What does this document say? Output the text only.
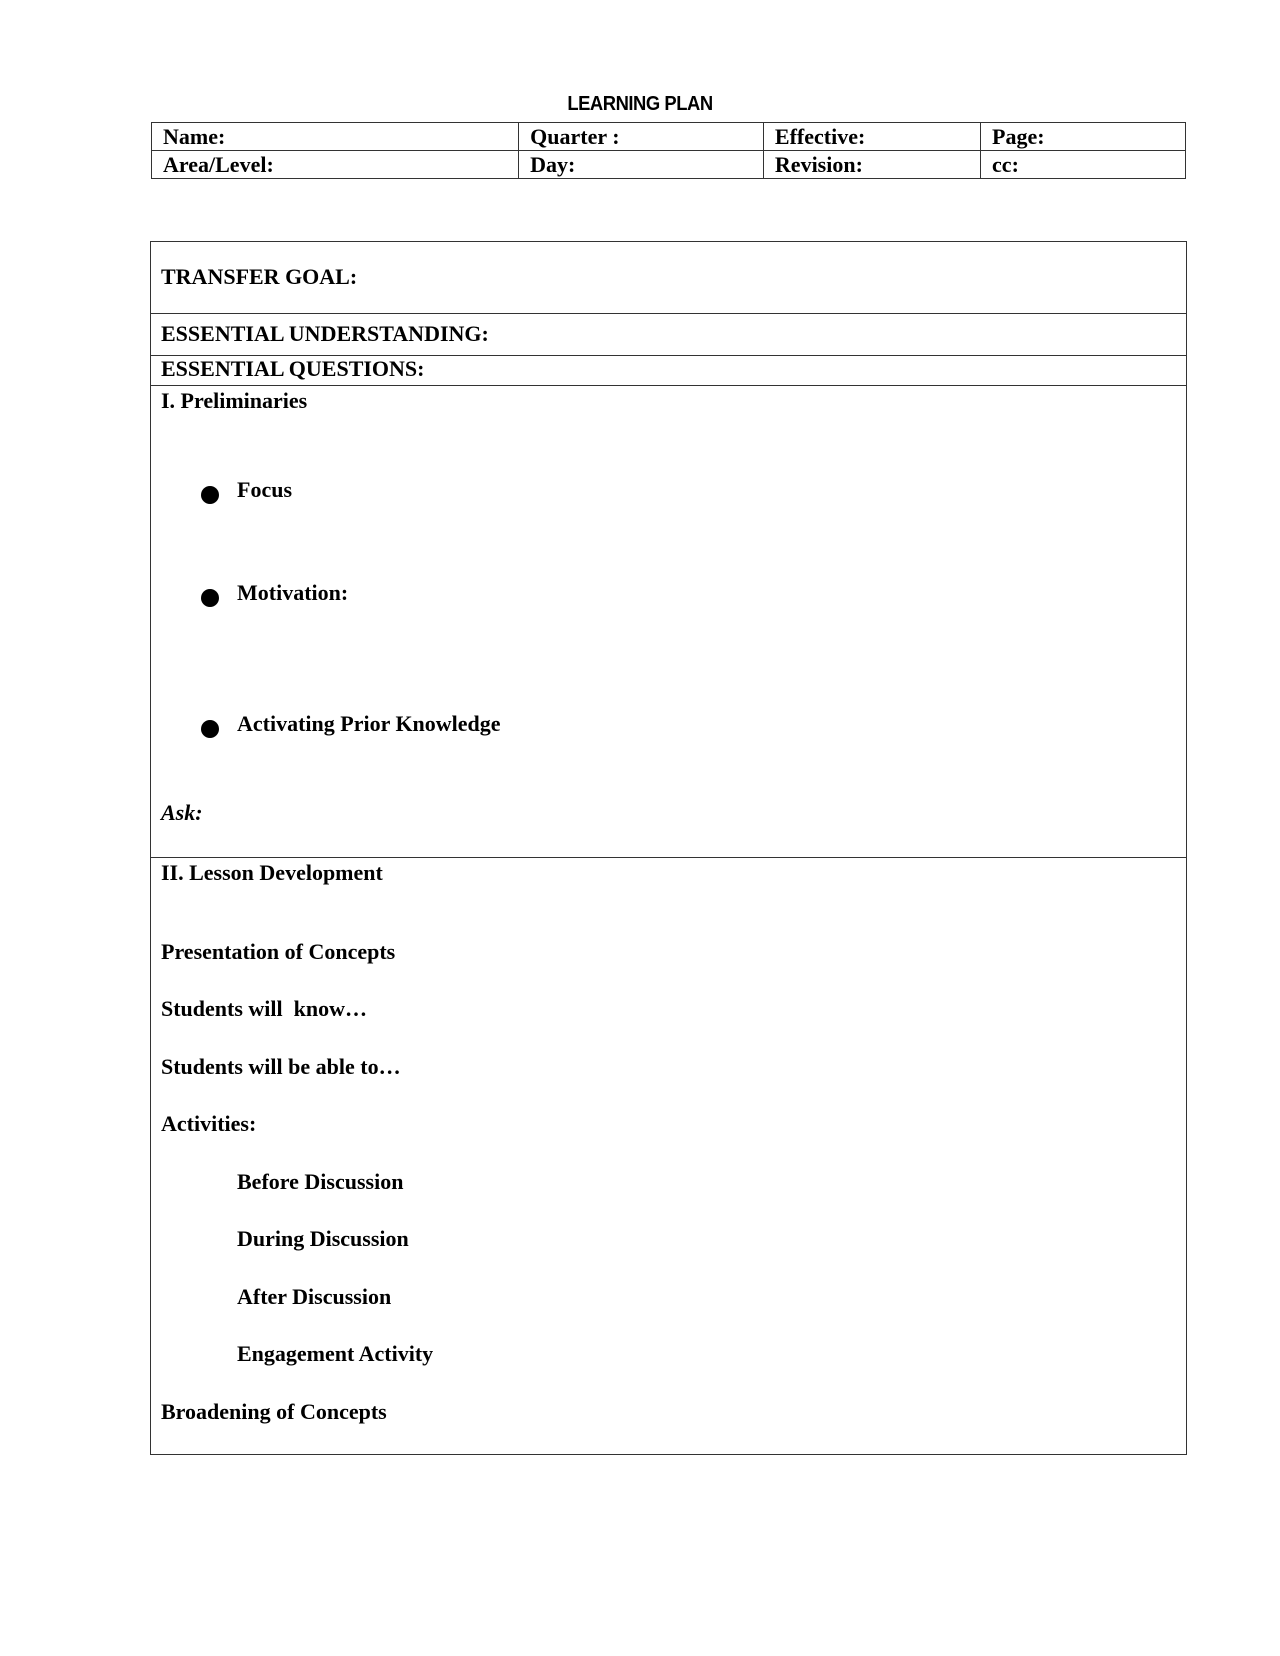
LEARNING PLAN
Name:	Quarter :	Effective:	Page:
Area/Level:	Day:	Revision:	cc:
TRANSFER GOAL:
ESSENTIAL UNDERSTANDING:
ESSENTIAL QUESTIONS:
I. Preliminaries
Focus
Motivation:
Activating Prior Knowledge
Ask:
II. Lesson Development
Presentation of Concepts
Students will  know…
Students will be able to…
Activities:
Before Discussion
During Discussion
After Discussion
Engagement Activity
Broadening of Concepts
